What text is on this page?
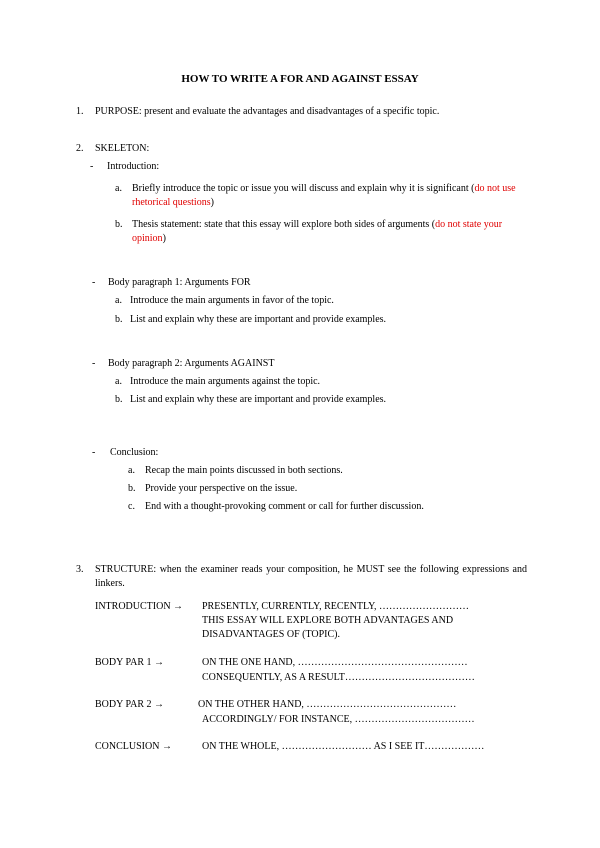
HOW TO WRITE A FOR AND AGAINST ESSAY
1. PURPOSE: present and evaluate the advantages and disadvantages of a specific topic.
2. SKELETON:
- Introduction:
a. Briefly introduce the topic or issue you will discuss and explain why it is significant (do not use rhetorical questions)
b. Thesis statement: state that this essay will explore both sides of arguments (do not state your opinion)
- Body paragraph 1: Arguments FOR
a. Introduce the main arguments in favor of the topic.
b. List and explain why these are important and provide examples.
- Body paragraph 2: Arguments AGAINST
a. Introduce the main arguments against the topic.
b. List and explain why these are important and provide examples.
- Conclusion:
a. Recap the main points discussed in both sections.
b. Provide your perspective on the issue.
c. End with a thought-provoking comment or call for further discussion.
3. STRUCTURE: when the examiner reads your composition, he MUST see the following expressions and linkers.
INTRODUCTION → PRESENTLY, CURRENTLY, RECENTLY, ………………………
THIS ESSAY WILL EXPLORE BOTH ADVANTAGES AND
DISADVANTAGES OF (TOPIC).
BODY PAR 1 →	ON THE ONE HAND, ……………………………………………
CONSEQUENTLY, AS A RESULT…………………………………
BODY PAR 2 →	ON THE OTHER HAND, ………………………………………
ACCORDINGLY/ FOR INSTANCE, ………………………………
CONCLUSION →	ON THE WHOLE, ……………………… AS I SEE IT………………
